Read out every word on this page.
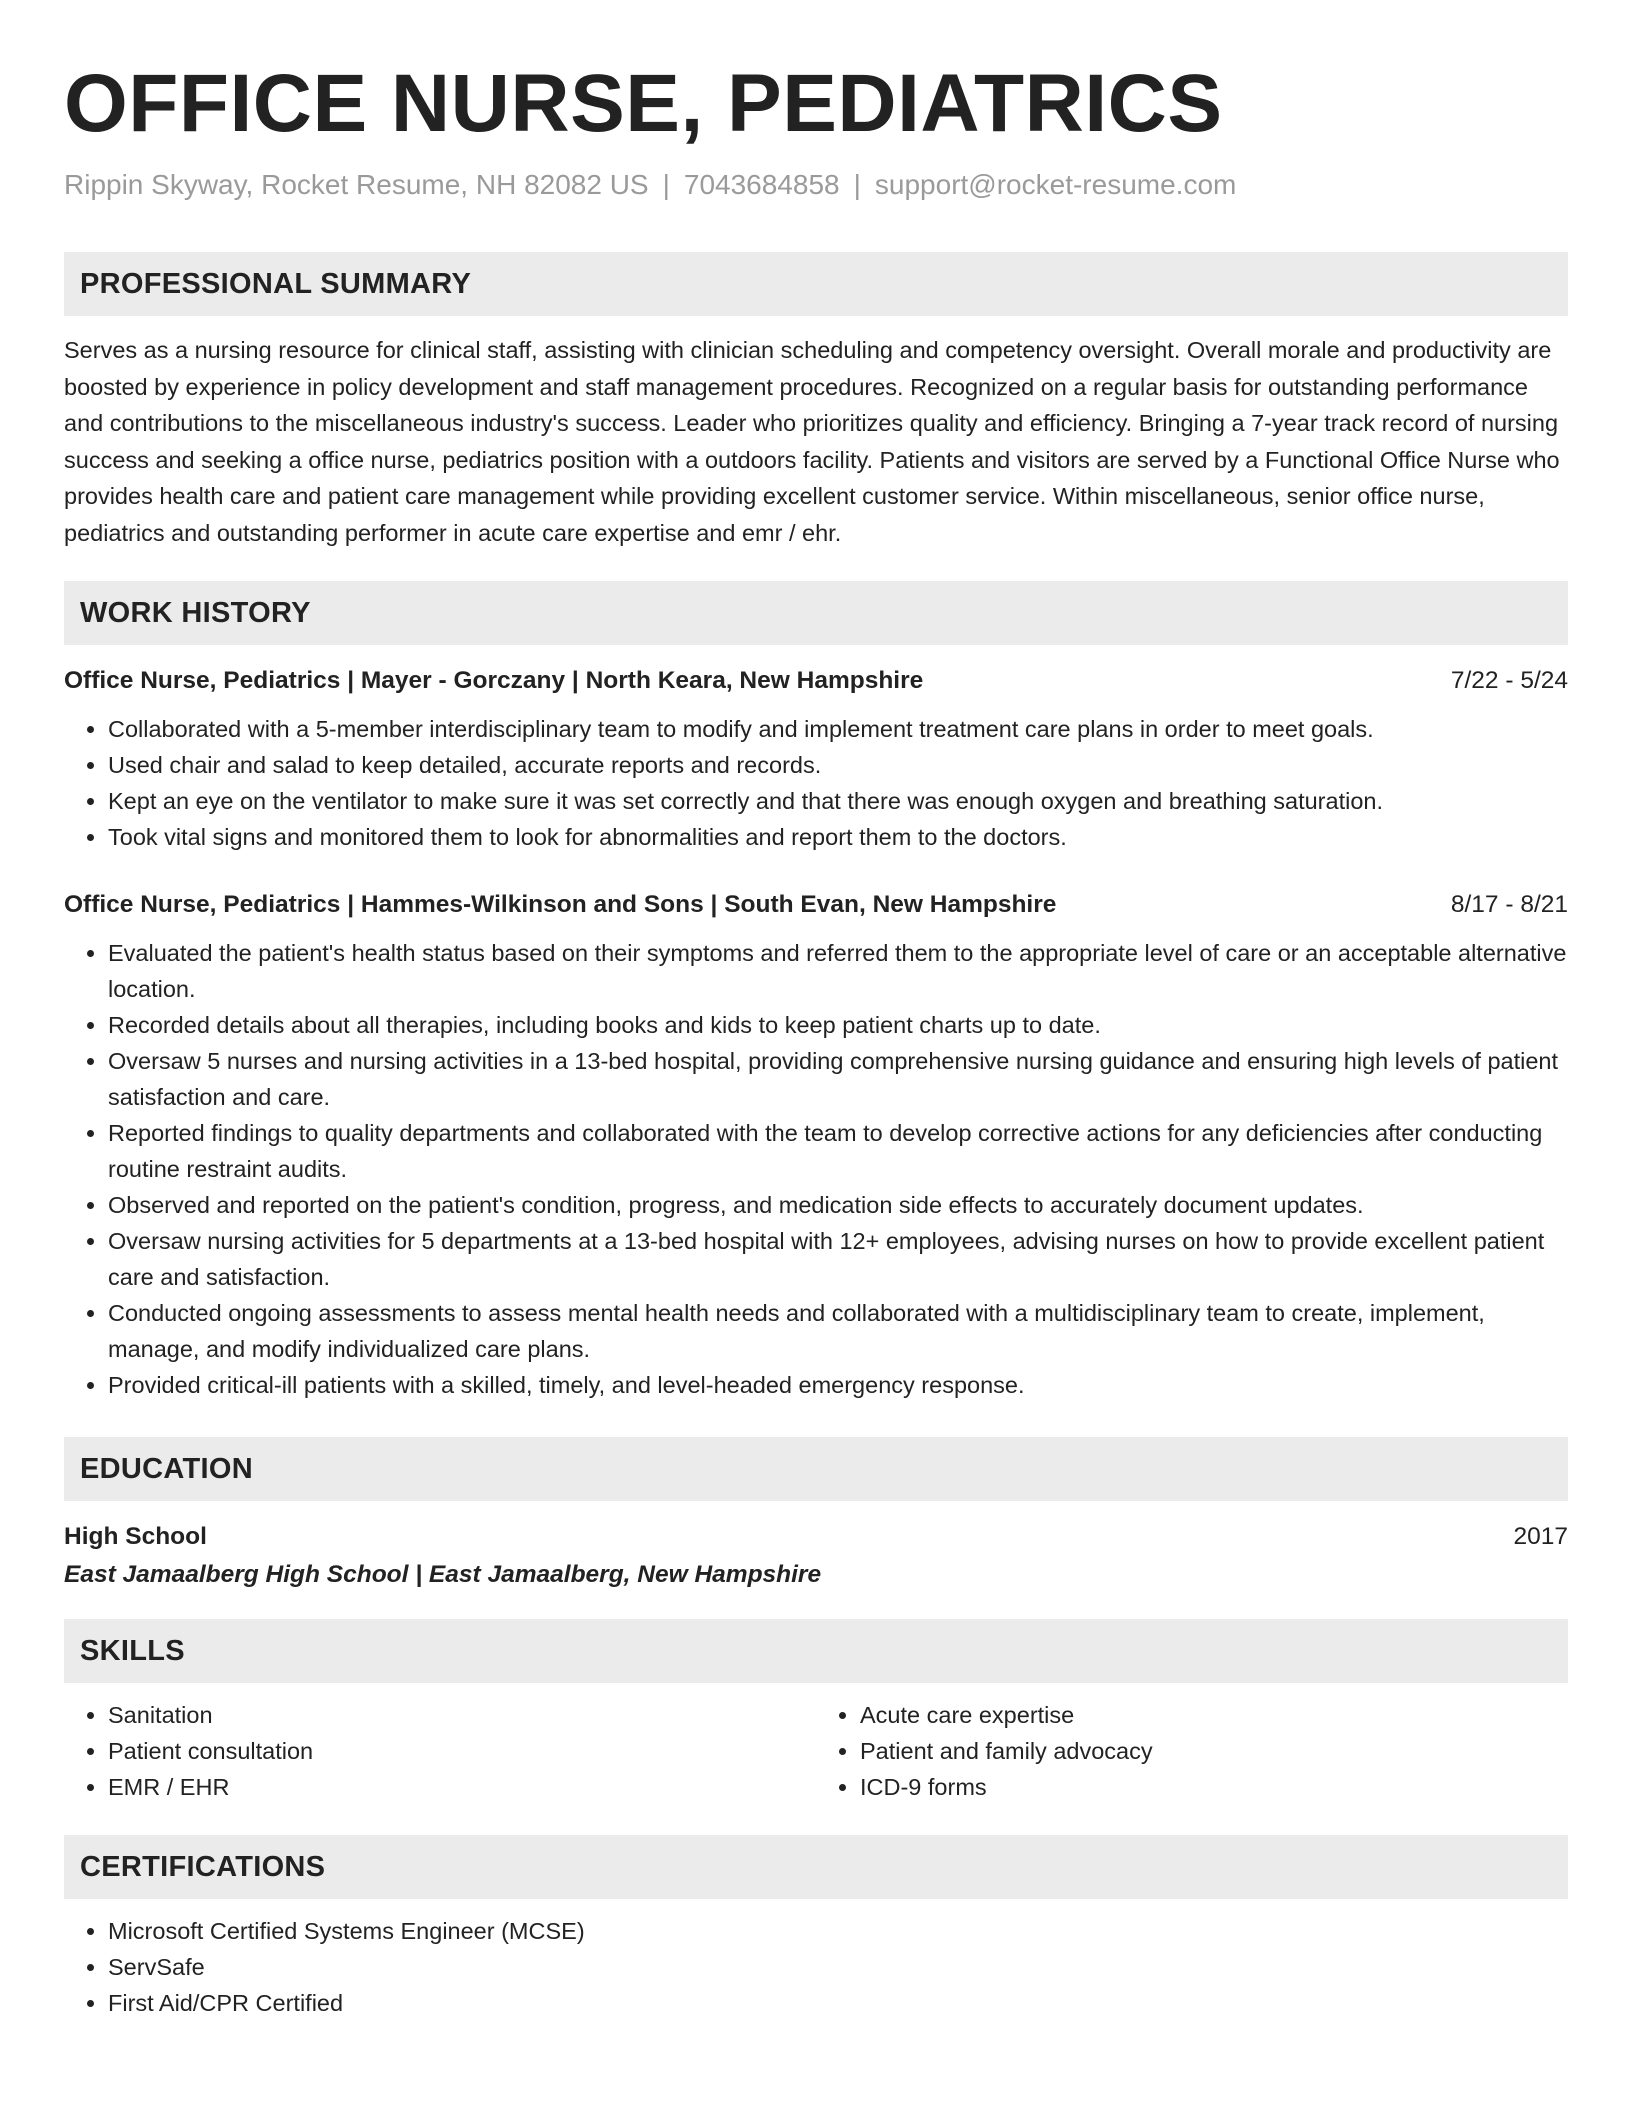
OFFICE NURSE, PEDIATRICS
Rippin Skyway, Rocket Resume, NH 82082 US | 7043684858 | support@rocket-resume.com
PROFESSIONAL SUMMARY
Serves as a nursing resource for clinical staff, assisting with clinician scheduling and competency oversight. Overall morale and productivity are boosted by experience in policy development and staff management procedures. Recognized on a regular basis for outstanding performance and contributions to the miscellaneous industry's success. Leader who prioritizes quality and efficiency. Bringing a 7-year track record of nursing success and seeking a office nurse, pediatrics position with a outdoors facility. Patients and visitors are served by a Functional Office Nurse who provides health care and patient care management while providing excellent customer service. Within miscellaneous, senior office nurse, pediatrics and outstanding performer in acute care expertise and emr / ehr.
WORK HISTORY
Office Nurse, Pediatrics | Mayer - Gorczany | North Keara, New Hampshire	7/22 - 5/24
• Collaborated with a 5-member interdisciplinary team to modify and implement treatment care plans in order to meet goals.
• Used chair and salad to keep detailed, accurate reports and records.
• Kept an eye on the ventilator to make sure it was set correctly and that there was enough oxygen and breathing saturation.
• Took vital signs and monitored them to look for abnormalities and report them to the doctors.
Office Nurse, Pediatrics | Hammes-Wilkinson and Sons | South Evan, New Hampshire	8/17 - 8/21
• Evaluated the patient's health status based on their symptoms and referred them to the appropriate level of care or an acceptable alternative location.
• Recorded details about all therapies, including books and kids to keep patient charts up to date.
• Oversaw 5 nurses and nursing activities in a 13-bed hospital, providing comprehensive nursing guidance and ensuring high levels of patient satisfaction and care.
• Reported findings to quality departments and collaborated with the team to develop corrective actions for any deficiencies after conducting routine restraint audits.
• Observed and reported on the patient's condition, progress, and medication side effects to accurately document updates.
• Oversaw nursing activities for 5 departments at a 13-bed hospital with 12+ employees, advising nurses on how to provide excellent patient care and satisfaction.
• Conducted ongoing assessments to assess mental health needs and collaborated with a multidisciplinary team to create, implement, manage, and modify individualized care plans.
• Provided critical-ill patients with a skilled, timely, and level-headed emergency response.
EDUCATION
High School	2017
East Jamaalberg High School | East Jamaalberg, New Hampshire
SKILLS
• Sanitation
• Patient consultation
• EMR / EHR
• Acute care expertise
• Patient and family advocacy
• ICD-9 forms
CERTIFICATIONS
• Microsoft Certified Systems Engineer (MCSE)
• ServSafe
• First Aid/CPR Certified
